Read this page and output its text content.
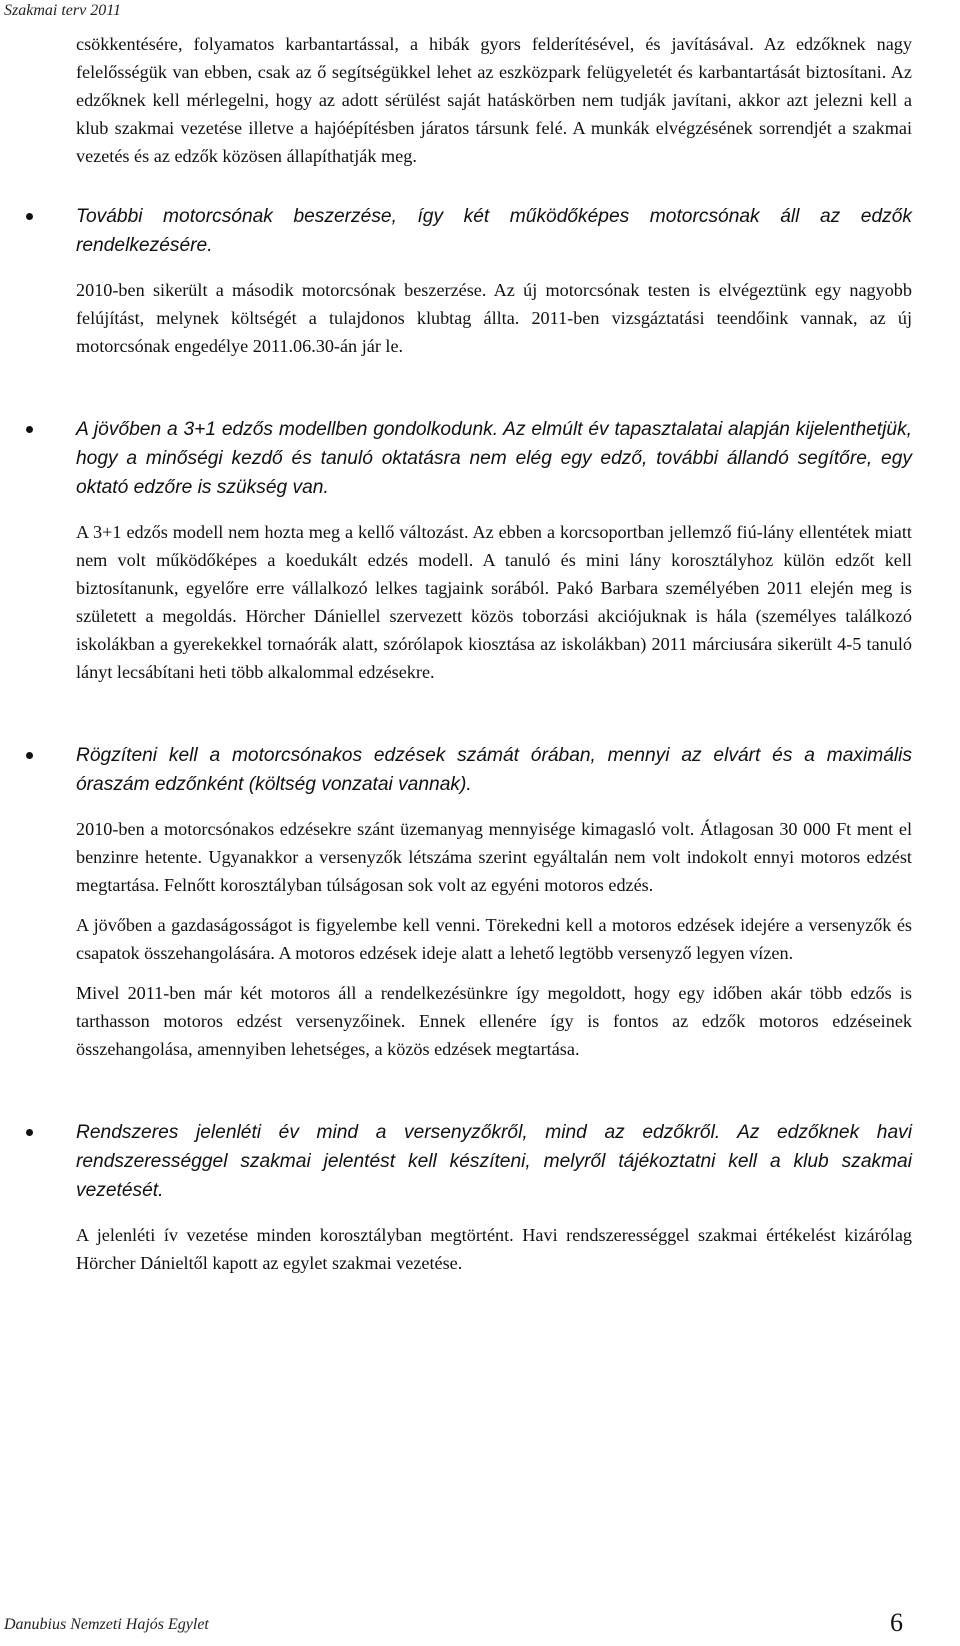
Szakmai terv 2011

csökkentésére, folyamatos karbantartással, a hibák gyors felderítésével, és javításával. Az edzőknek nagy felelősségük van ebben, csak az ő segítségükkel lehet az eszközpark felügyeletét és karbantartását biztosítani. Az edzőknek kell mérlegelni, hogy az adott sérülést saját hatáskörben nem tudják javítani, akkor azt jelezni kell a klub szakmai vezetése illetve a hajóépítésben járatos társunk felé. A munkák elvégzésének sorrendjét a szakmai vezetés és az edzők közösen állapíthatják meg.

További motorcsónak beszerzése, így két működőképes motorcsónak áll az edzők rendelkezésére.

2010-ben sikerült a második motorcsónak beszerzése. Az új motorcsónak testen is elvégeztünk egy nagyobb felújítást, melynek költségét a tulajdonos klubtag állta. 2011-ben vizsgáztatási teendőink vannak, az új motorcsónak engedélye 2011.06.30-án jár le.

A jövőben a 3+1 edzős modellben gondolkodunk. Az elmúlt év tapasztalatai alapján kijelenthetjük, hogy a minőségi kezdő és tanuló oktatásra nem elég egy edző, további állandó segítőre, egy oktató edzőre is szükség van.

A 3+1 edzős modell nem hozta meg a kellő változást. Az ebben a korcsoportban jellemző fiú-lány ellentétek miatt nem volt működőképes a koedukált edzés modell. A tanuló és mini lány korosztályhoz külön edzőt kell biztosítanunk, egyelőre erre vállalkozó lelkes tagjaink sorából. Pakó Barbara személyében 2011 elején meg is született a megoldás. Hörcher Dániellel szervezett közös toborzási akciójuknak is hála (személyes találkozó iskolákban a gyerekekkel tornaórák alatt, szórólapok kiosztása az iskolákban) 2011 márciusára sikerült 4-5 tanuló lányt lecsábítani heti több alkalommal edzésekre.

Rögzíteni kell a motorcsónakos edzések számát órában, mennyi az elvárt és a maximális óraszám edzőnként (költség vonzatai vannak).

2010-ben a motorcsónakos edzésekre szánt üzemanyag mennyisége kimagasló volt. Átlagosan 30 000 Ft ment el benzinre hetente. Ugyanakkor a versenyzők létszáma szerint egyáltalán nem volt indokolt ennyi motoros edzést megtartása. Felnőtt korosztályban túlságosan sok volt az egyéni motoros edzés.

A jövőben a gazdaságosságot is figyelembe kell venni. Törekedni kell a motoros edzések idejére a versenyzők és csapatok összehangolására. A motoros edzések ideje alatt a lehető legtöbb versenyző legyen vízen.

Mivel 2011-ben már két motoros áll a rendelkezésünkre így megoldott, hogy egy időben akár több edzős is tarthasson motoros edzést versenyzőinek. Ennek ellenére így is fontos az edzők motoros edzéseinek összehangolása, amennyiben lehetséges, a közös edzések megtartása.

Rendszeres jelenléti év mind a versenyzőkről, mind az edzőkről. Az edzőknek havi rendszerességgel szakmai jelentést kell készíteni, melyről tájékoztatni kell a klub szakmai vezetését.

A jelenléti ív vezetése minden korosztályban megtörtént. Havi rendszerességgel szakmai értékelést kizárólag Hörcher Dánieltől kapott az egylet szakmai vezetése.

Danubius Nemzeti Hajós Egylet	6
